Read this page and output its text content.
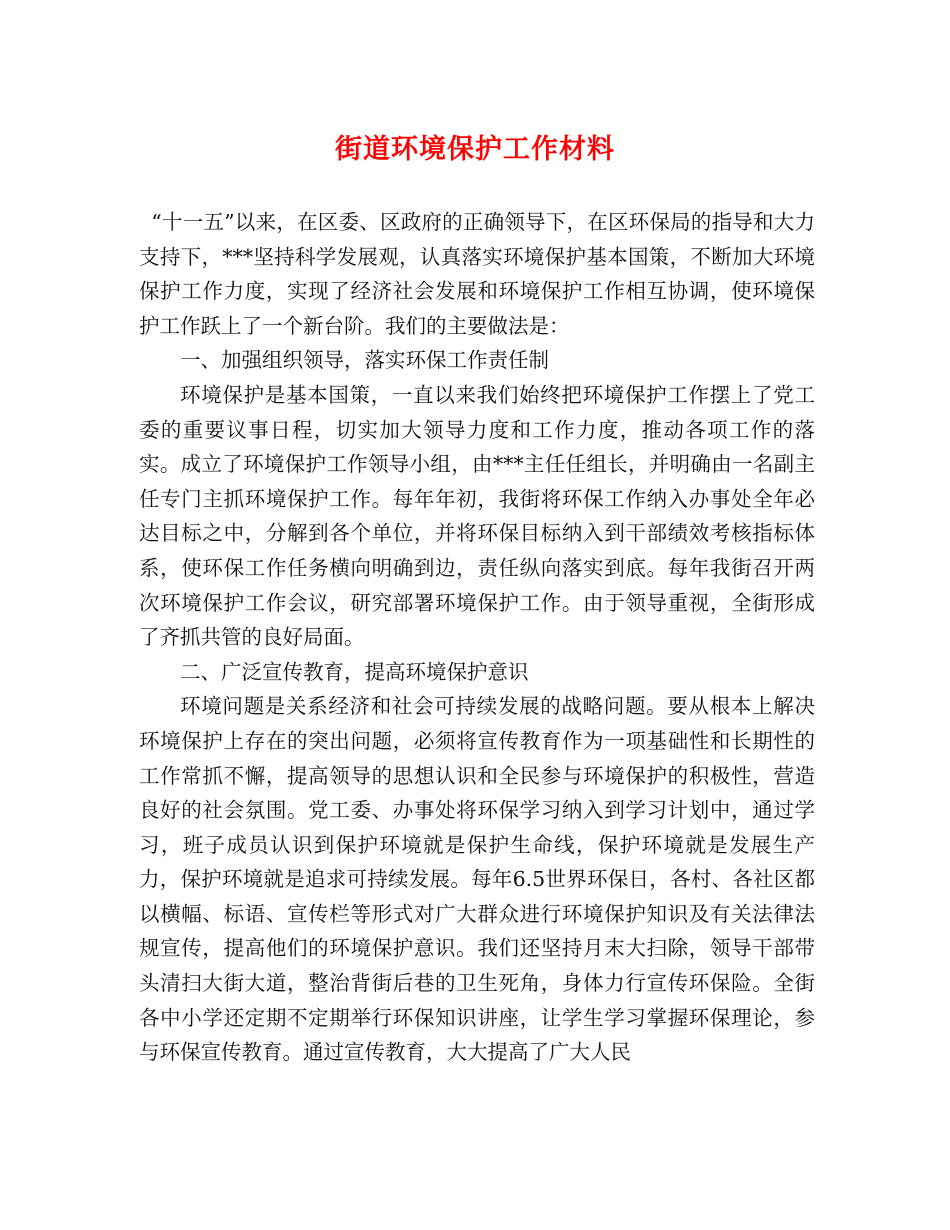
街道环境保护工作材料

“十一五”以来，在区委、区政府的正确领导下，在区环保局的指导和大力支持下，***坚持科学发展观，认真落实环境保护基本国策，不断加大环境保护工作力度，实现了经济社会发展和环境保护工作相互协调，使环境保护工作跃上了一个新台阶。我们的主要做法是：

一、加强组织领导，落实环保工作责任制

环境保护是基本国策，一直以来我们始终把环境保护工作摆上了党工委的重要议事日程，切实加大领导力度和工作力度，推动各项工作的落实。成立了环境保护工作领导小组，由***主任任组长，并明确由一名副主任专门主抓环境保护工作。每年年初，我街将环保工作纳入办事处全年必达目标之中，分解到各个单位，并将环保目标纳入到干部绩效考核指标体系，使环保工作任务横向明确到边，责任纵向落实到底。每年我街召开两次环境保护工作会议，研究部署环境保护工作。由于领导重视，全街形成了齐抓共管的良好局面。

二、广泛宣传教育，提高环境保护意识

环境问题是关系经济和社会可持续发展的战略问题。要从根本上解决环境保护上存在的突出问题，必须将宣传教育作为一项基础性和长期性的工作常抓不懈，提高领导的思想认识和全民参与环境保护的积极性，营造良好的社会氛围。党工委、办事处将环保学习纳入到学习计划中，通过学习，班子成员认识到保护环境就是保护生命线，保护环境就是发展生产力，保护环境就是追求可持续发展。每年6.5世界环保日，各村、各社区都以横幅、标语、宣传栏等形式对广大群众进行环境保护知识及有关法律法规宣传，提高他们的环境保护意识。我们还坚持月末大扫除，领导干部带头清扫大街大道，整治背街后巷的卫生死角，身体力行宣传环保险。全街各中小学还定期不定期举行环保知识讲座，让学生学习掌握环保理论，参与环保宣传教育。通过宣传教育，大大提高了广大人民
